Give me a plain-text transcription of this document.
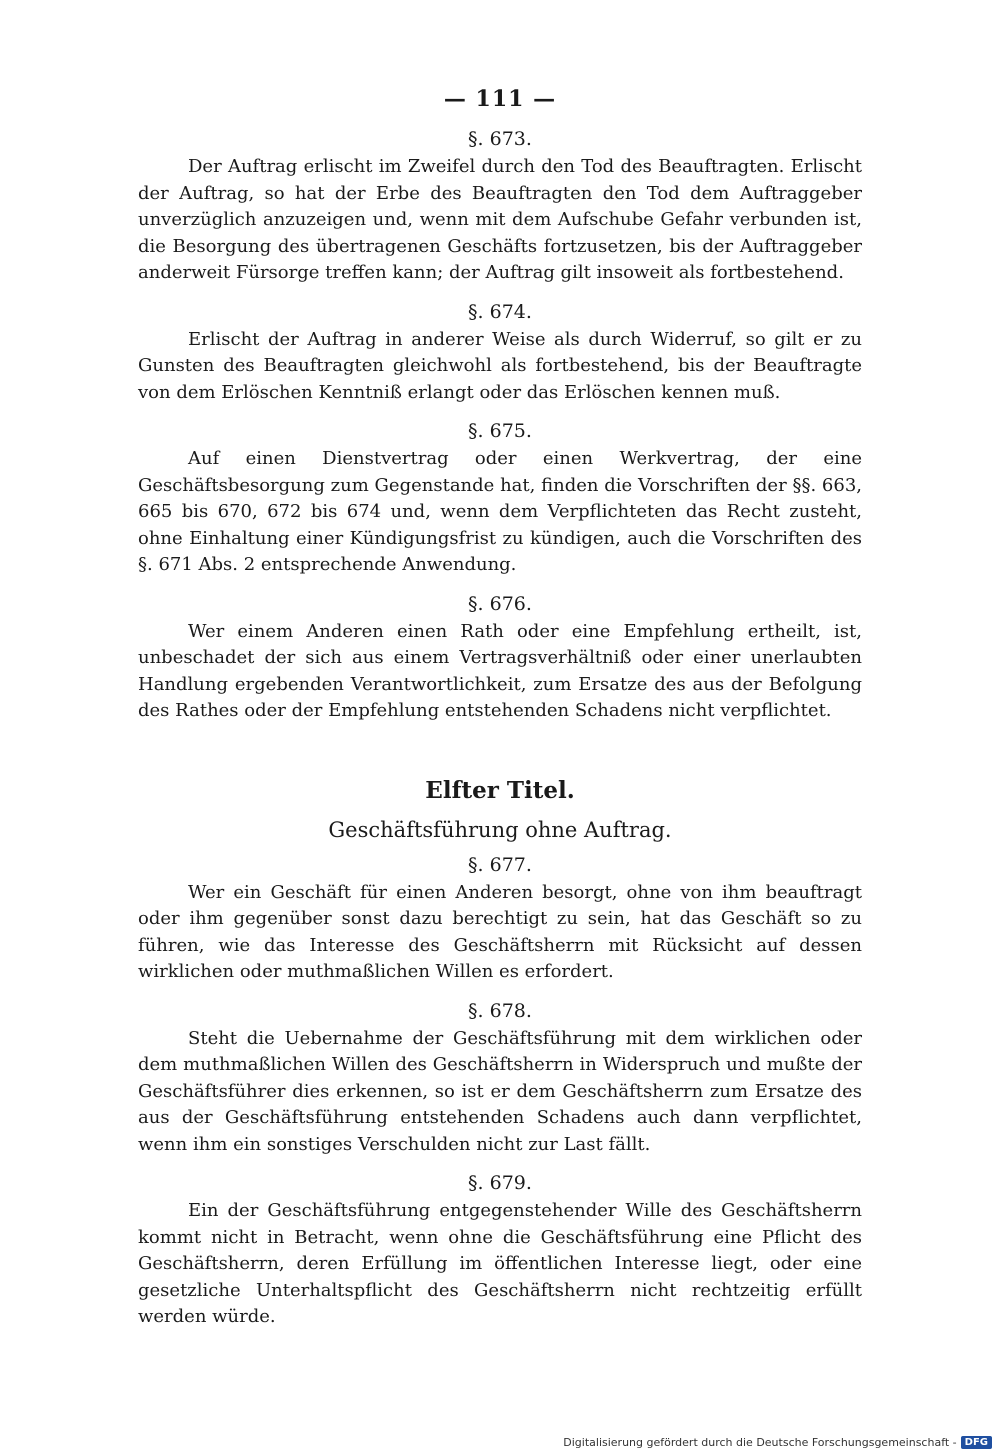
— 111 —
§. 673.

Der Auftrag erlischt im Zweifel durch den Tod des Beauftragten. Erlischt der Auftrag, so hat der Erbe des Beauftragten den Tod dem Auftraggeber unverzüglich anzuzeigen und, wenn mit dem Aufschube Gefahr verbunden ist, die Besorgung des übertragenen Geschäfts fortzusetzen, bis der Auftraggeber anderweit Fürsorge treffen kann; der Auftrag gilt insoweit als fortbestehend.

§. 674.

Erlischt der Auftrag in anderer Weise als durch Widerruf, so gilt er zu Gunsten des Beauftragten gleichwohl als fortbestehend, bis der Beauftragte von dem Erlöschen Kenntniß erlangt oder das Erlöschen kennen muß.

§. 675.

Auf einen Dienstvertrag oder einen Werkvertrag, der eine Geschäftsbesorgung zum Gegenstande hat, finden die Vorschriften der §§. 663, 665 bis 670, 672 bis 674 und, wenn dem Verpflichteten das Recht zusteht, ohne Einhaltung einer Kündigungsfrist zu kündigen, auch die Vorschriften des §. 671 Abs. 2 entsprechende Anwendung.

§. 676.

Wer einem Anderen einen Rath oder eine Empfehlung ertheilt, ist, unbeschadet der sich aus einem Vertragsverhältniß oder einer unerlaubten Handlung ergebenden Verantwortlichkeit, zum Ersatze des aus der Befolgung des Rathes oder der Empfehlung entstehenden Schadens nicht verpflichtet.

Elfter Titel.
Geschäftsführung ohne Auftrag.
§. 677.

Wer ein Geschäft für einen Anderen besorgt, ohne von ihm beauftragt oder ihm gegenüber sonst dazu berechtigt zu sein, hat das Geschäft so zu führen, wie das Interesse des Geschäftsherrn mit Rücksicht auf dessen wirklichen oder muthmaßlichen Willen es erfordert.

§. 678.

Steht die Uebernahme der Geschäftsführung mit dem wirklichen oder dem muthmaßlichen Willen des Geschäftsherrn in Widerspruch und mußte der Geschäftsführer dies erkennen, so ist er dem Geschäftsherrn zum Ersatze des aus der Geschäftsführung entstehenden Schadens auch dann verpflichtet, wenn ihm ein sonstiges Verschulden nicht zur Last fällt.

§. 679.

Ein der Geschäftsführung entgegenstehender Wille des Geschäftsherrn kommt nicht in Betracht, wenn ohne die Geschäftsführung eine Pflicht des Geschäftsherrn, deren Erfüllung im öffentlichen Interesse liegt, oder eine gesetzliche Unterhaltspflicht des Geschäftsherrn nicht rechtzeitig erfüllt werden würde.

Digitalisierung gefördert durch die Deutsche Forschungsgemeinschaft - DFG
